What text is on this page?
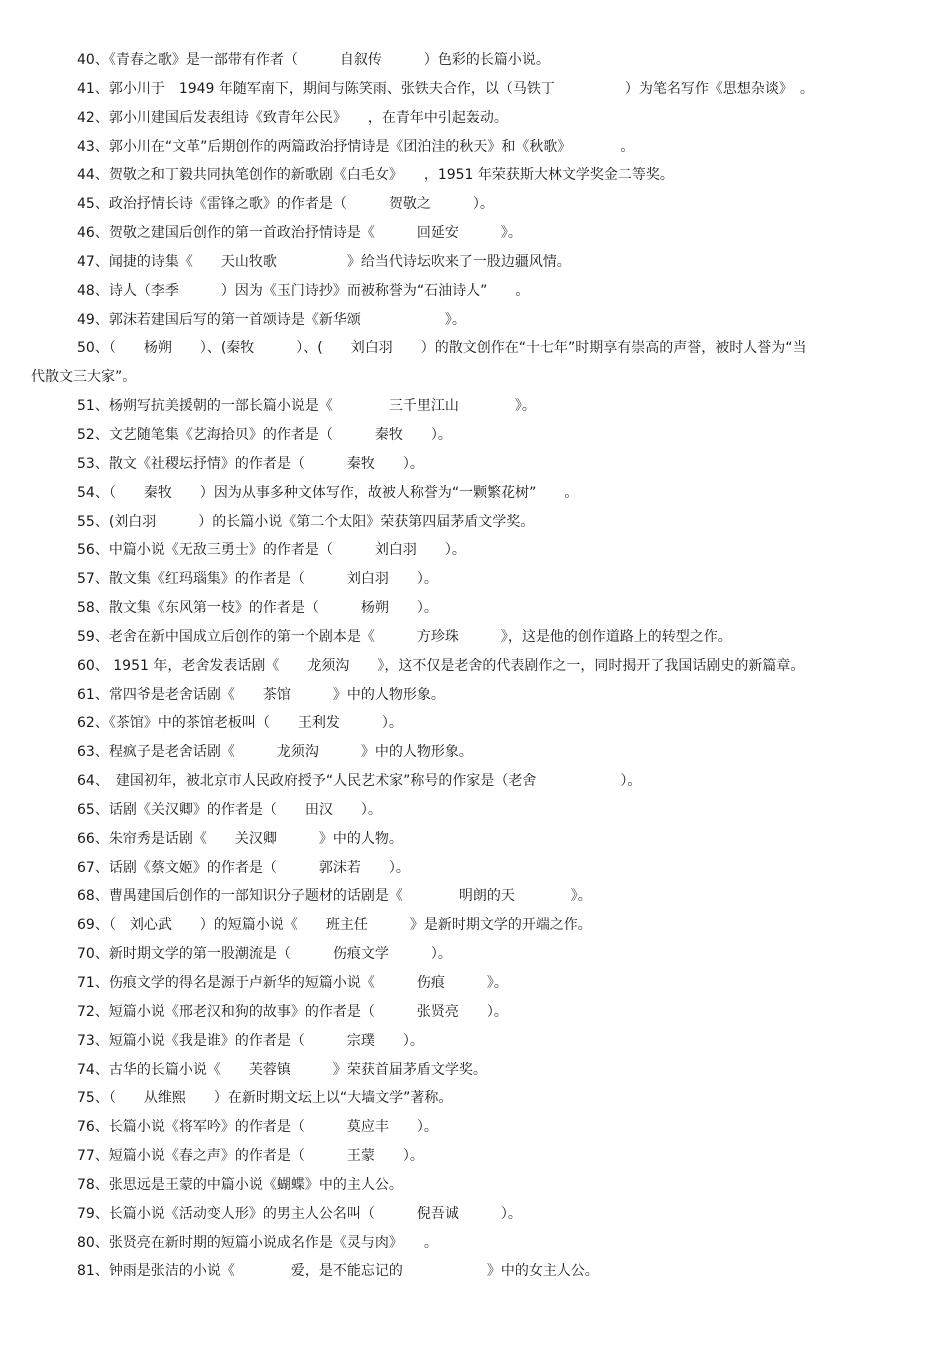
40、《青春之歌》是一部带有作者（　　　自叙传　　　）色彩的长篇小说。
41、郭小川于　1949 年随军南下，期间与陈笑雨、张铁夫合作，以（马铁丁　　　　　）为笔名写作《思想杂谈》　。
42、郭小川建国后发表组诗《致青年公民》　　，在青年中引起轰动。
43、郭小川在“文革”后期创作的两篇政治抒情诗是《团泊洼的秋天》和《秋歌》　　　　。
44、贺敬之和丁毅共同执笔创作的新歌剧《白毛女》　　，1951 年荣获斯大林文学奖金二等奖。
45、政治抒情长诗《雷锋之歌》的作者是（　　　贺敬之　　　）。
46、贺敬之建国后创作的第一首政治抒情诗是《　　　回延安　　　》。
47、闻捷的诗集《　　天山牧歌　　　　　》给当代诗坛吹来了一股边疆风情。
48、诗人（李季　　　）因为《玉门诗抄》而被称誉为“石油诗人”　　。
49、郭沫若建国后写的第一首颂诗是《新华颂　　　　　　》。
50、（　　杨朔　　）、(秦牧　　　）、(　　刘白羽　　）的散文创作在“十七年”时期享有崇高的声誉，被时人誉为“当
代散文三大家”。
51、杨朔写抗美援朝的一部长篇小说是《　　　　三千里江山　　　　》。
52、文艺随笔集《艺海拾贝》的作者是（　　　秦牧　　）。
53、散文《社稷坛抒情》的作者是（　　　秦牧　　）。
54、（　　秦牧　　）因为从事多种文体写作，故被人称誉为“一颗繁花树”　　。
55、(刘白羽　　　）的长篇小说《第二个太阳》荣获第四届茅盾文学奖。
56、中篇小说《无敌三勇士》的作者是（　　　刘白羽　　）。
57、散文集《红玛瑙集》的作者是（　　　刘白羽　　）。
58、散文集《东风第一枝》的作者是（　　　杨朔　　）。
59、老舍在新中国成立后创作的第一个剧本是《　　　方珍珠　　　》，这是他的创作道路上的转型之作。
60、 1951 年，老舍发表话剧《　　龙须沟　　》，这不仅是老舍的代表剧作之一，同时揭开了我国话剧史的新篇章。
61、常四爷是老舍话剧《　　茶馆　　　》中的人物形象。
62、《茶馆》中的茶馆老板叫（　　王利发　　　）。
63、程疯子是老舍话剧《　　　龙须沟　　　》中的人物形象。
64、　建国初年，被北京市人民政府授予“人民艺术家”称号的作家是（老舍　　　　　　）。
65、话剧《关汉卿》的作者是（　　田汉　　）。
66、朱帘秀是话剧《　　关汉卿　　　》中的人物。
67、话剧《蔡文姬》的作者是（　　　郭沫若　　）。
68、曹禺建国后创作的一部知识分子题材的话剧是《　　　　明朗的天　　　　》。
69、（　刘心武　　）的短篇小说《　　班主任　　　》是新时期文学的开端之作。
70、新时期文学的第一股潮流是（　　　伤痕文学　　　）。
71、伤痕文学的得名是源于卢新华的短篇小说《　　　伤痕　　　》。
72、短篇小说《邢老汉和狗的故事》的作者是（　　　张贤亮　　）。
73、短篇小说《我是谁》的作者是（　　　宗璞　　）。
74、古华的长篇小说《　　芙蓉镇　　　》荣获首届茅盾文学奖。
75、（　　从维熙　　）在新时期文坛上以“大墙文学”著称。
76、长篇小说《将军吟》的作者是（　　　莫应丰　　）。
77、短篇小说《春之声》的作者是（　　　王蒙　　）。
78、张思远是王蒙的中篇小说《蝴蝶》中的主人公。
79、长篇小说《活动变人形》的男主人公名叫（　　　倪吾诚　　　）。
80、张贤亮在新时期的短篇小说成名作是《灵与肉》　　。
81、钟雨是张洁的小说《　　　　爱，是不能忘记的　　　　　　》中的女主人公。
